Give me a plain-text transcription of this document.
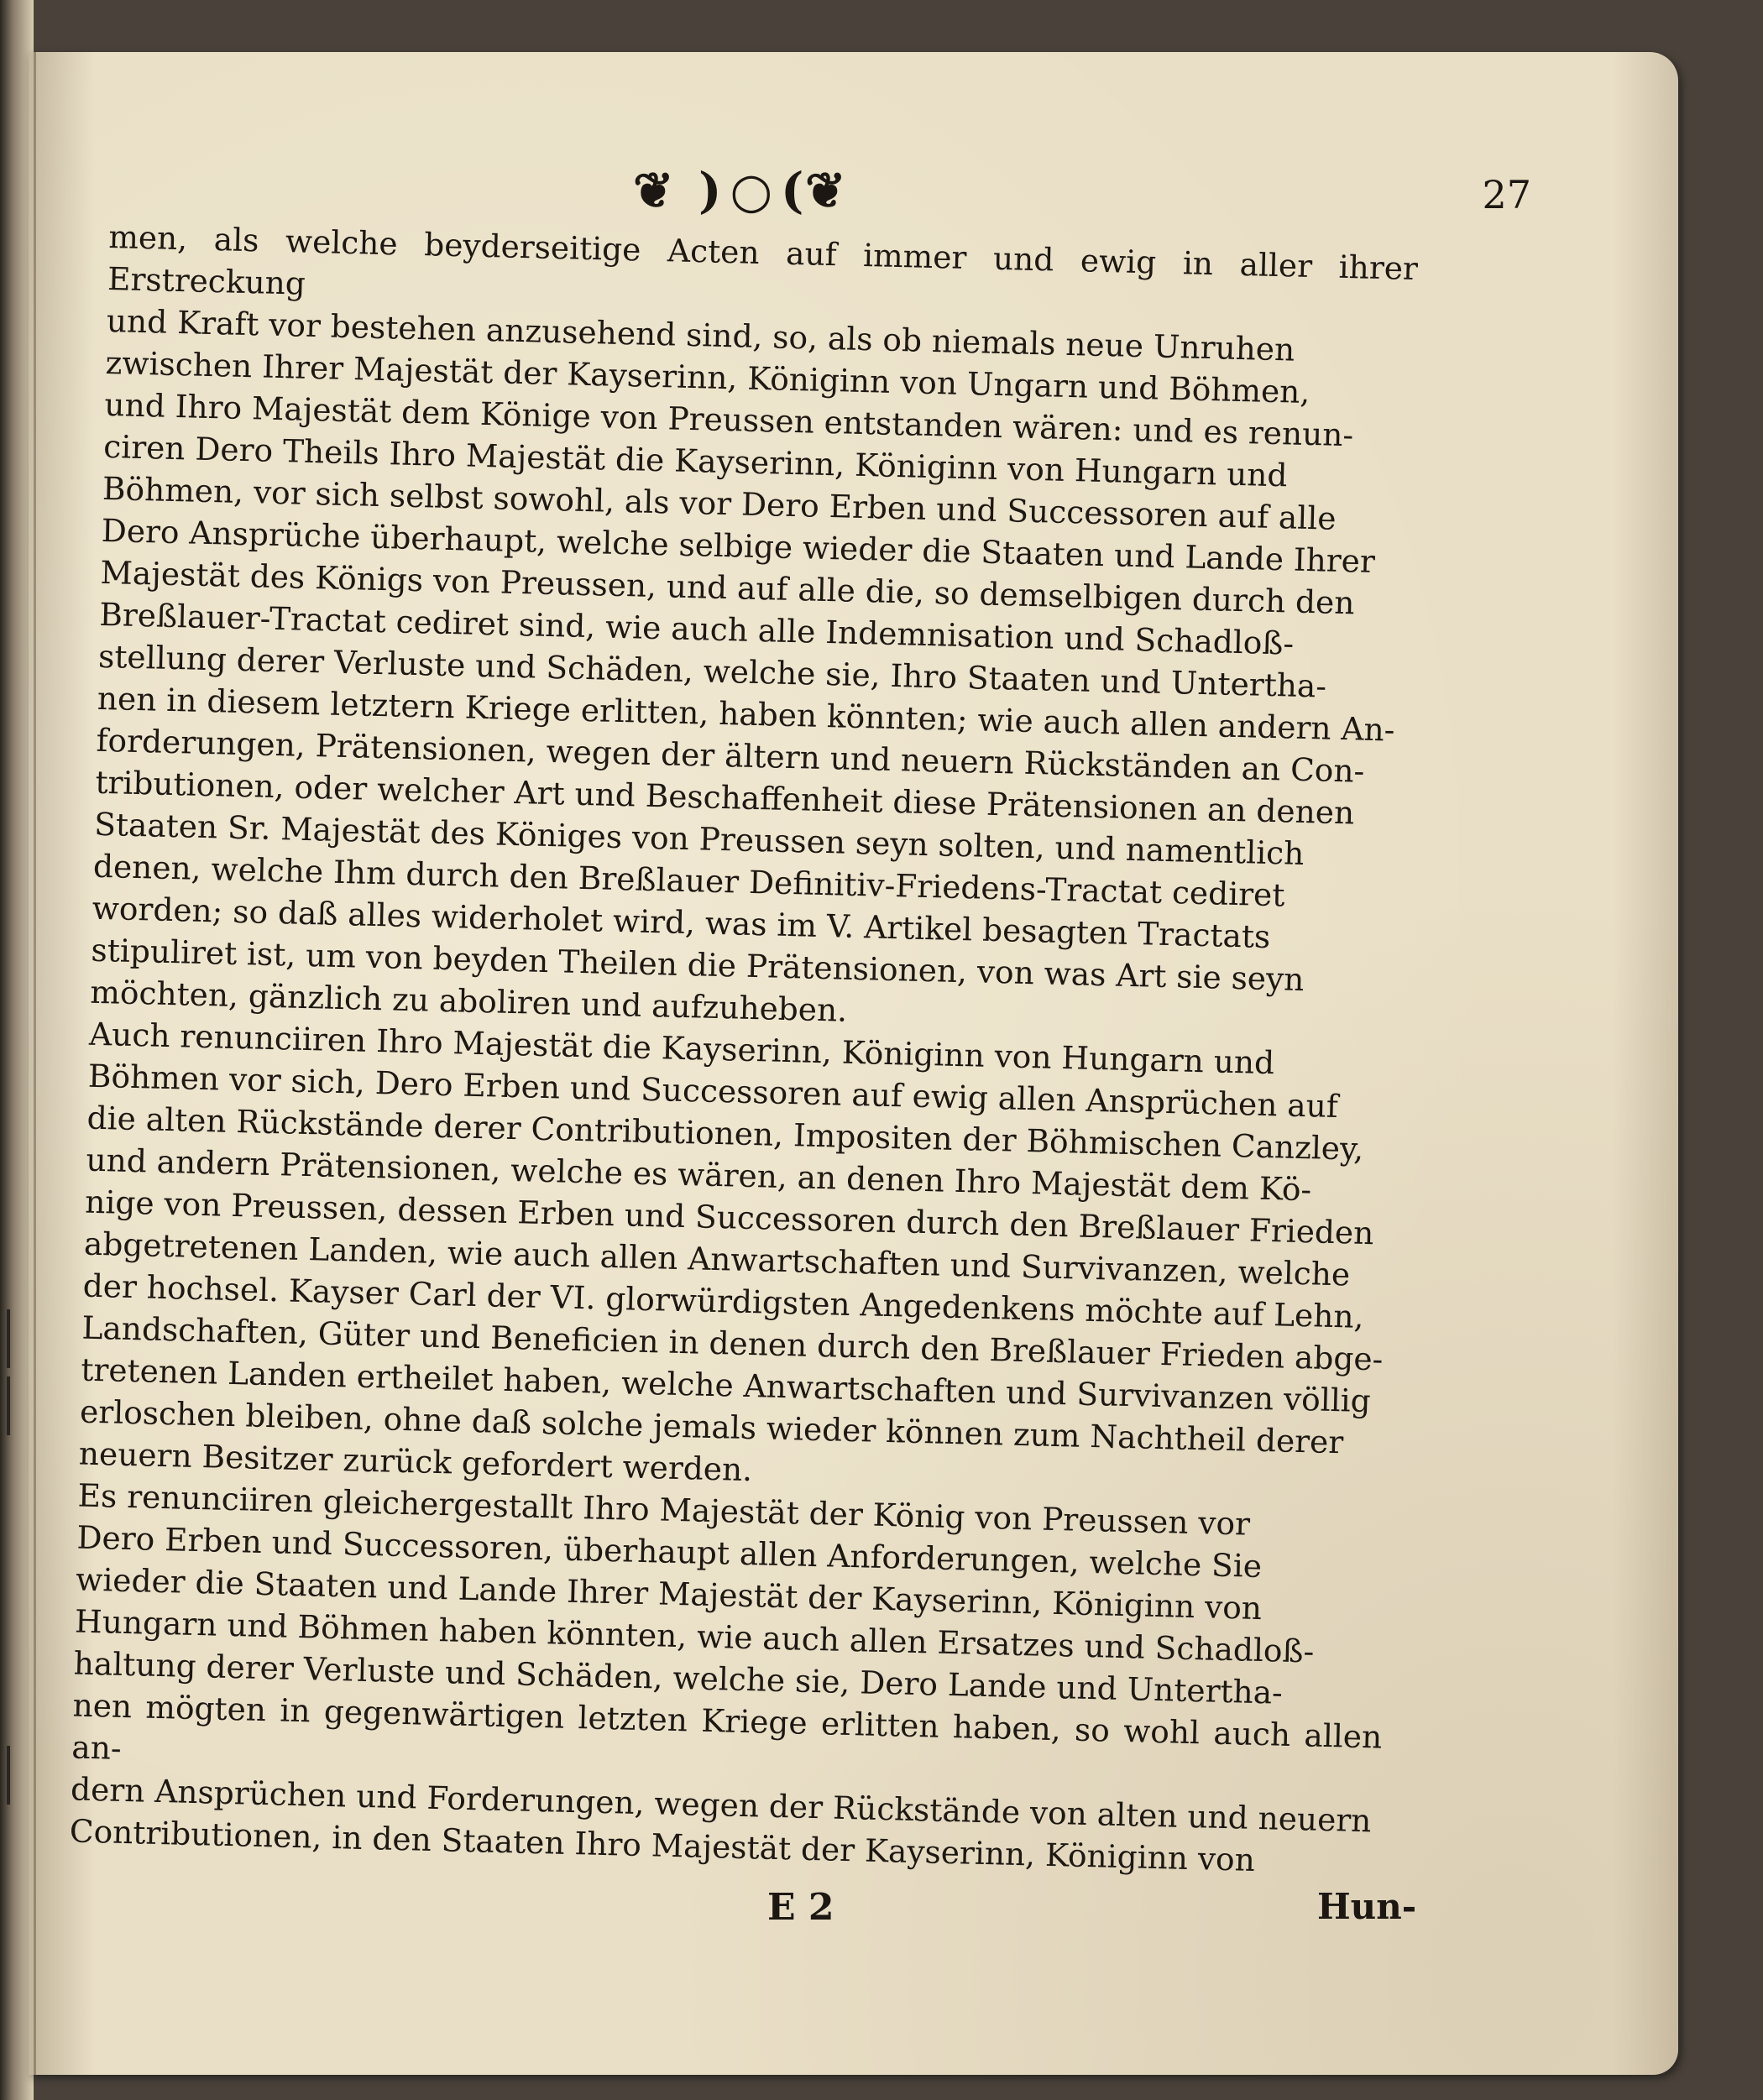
❦ )○(
❦	27

men, als welche beyderseitige Acten auf immer und ewig in aller ihrer Erstreckung
und Kraft vor bestehen anzusehend sind, so, als ob niemals neue Unruhen
zwischen Ihrer Majestät der Kayserinn, Königinn von Ungarn und Böhmen,
und Ihro Majestät dem Könige von Preussen entstanden wären: und es renun-
ciren Dero Theils Ihro Majestät die Kayserinn, Königinn von Hungarn und
Böhmen, vor sich selbst sowohl, als vor Dero Erben und Successoren auf alle
Dero Ansprüche überhaupt, welche selbige wieder die Staaten und Lande Ihrer
Majestät des Königs von Preussen, und auf alle die, so demselbigen durch den
Breßlauer-Tractat cediret sind, wie auch alle Indemnisation und Schadloß-
stellung derer Verluste und Schäden, welche sie, Ihro Staaten und Untertha-
nen in diesem letztern Kriege erlitten, haben könnten; wie auch allen andern An-
forderungen, Prätensionen, wegen der ältern und neuern Rückständen an Con-
tributionen, oder welcher Art und Beschaffenheit diese Prätensionen an denen
Staaten Sr. Majestät des Königes von Preussen seyn solten, und namentlich
denen, welche Ihm durch den Breßlauer Definitiv-Friedens-Tractat cediret
worden; so daß alles widerholet wird, was im V. Artikel besagten Tractats
stipuliret ist, um von beyden Theilen die Prätensionen, von was Art sie seyn
möchten, gänzlich zu aboliren und aufzuheben.

Auch renunciiren Ihro Majestät die Kayserinn, Königinn von Hungarn und
Böhmen vor sich, Dero Erben und Successoren auf ewig allen Ansprüchen auf
die alten Rückstände derer Contributionen, Impositen der Böhmischen Canzley,
und andern Prätensionen, welche es wären, an denen Ihro Majestät dem Kö-
nige von Preussen, dessen Erben und Successoren durch den Breßlauer Frieden
abgetretenen Landen, wie auch allen Anwartschaften und Survivanzen, welche
der hochsel. Kayser Carl der VI. glorwürdigsten Angedenkens möchte auf Lehn,
Landschaften, Güter und Beneficien in denen durch den Breßlauer Frieden abge-
tretenen Landen ertheilet haben, welche Anwartschaften und Survivanzen völlig
erloschen bleiben, ohne daß solche jemals wieder können zum Nachtheil derer
neuern Besitzer zurück gefordert werden.

Es renunciiren gleichergestallt Ihro Majestät der König von Preussen vor
Dero Erben und Successoren, überhaupt allen Anforderungen, welche Sie
wieder die Staaten und Lande Ihrer Majestät der Kayserinn, Königinn von
Hungarn und Böhmen haben könnten, wie auch allen Ersatzes und Schadloß-
haltung derer Verluste und Schäden, welche sie, Dero Lande und Untertha-
nen mögten in gegenwärtigen letzten Kriege erlitten haben, so wohl auch allen an-
dern Ansprüchen und Forderungen, wegen der Rückstände von alten und neuern
Contributionen, in den Staaten Ihro Majestät der Kayserinn, Königinn von

E 2	Hun-
